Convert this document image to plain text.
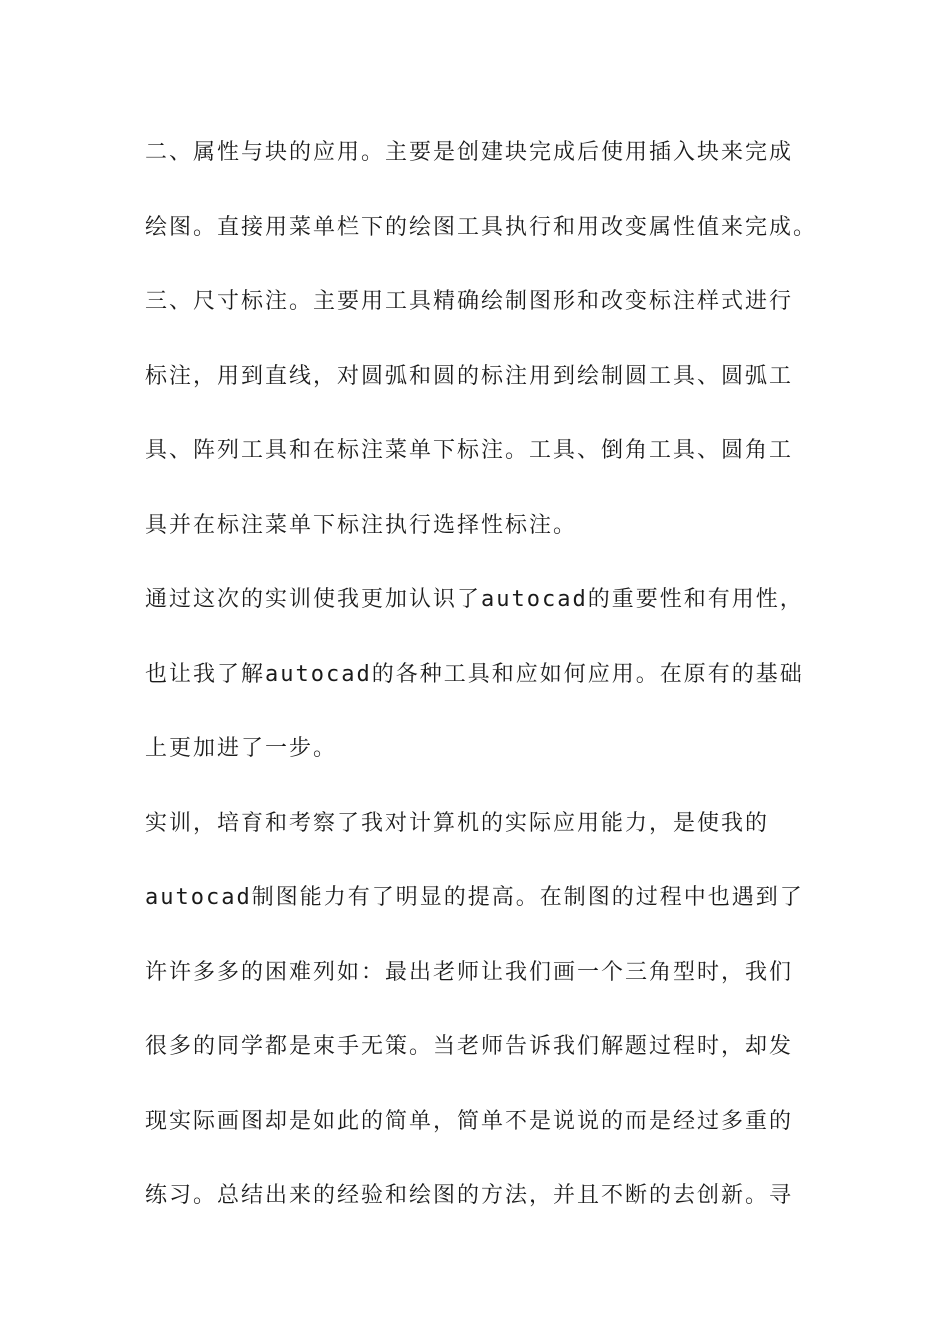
二、属性与块的应用。主要是创建块完成后使用插入块来完成
绘图。直接用菜单栏下的绘图工具执行和用改变属性值来完成。
三、尺寸标注。主要用工具精确绘制图形和改变标注样式进行
标注，用到直线，对圆弧和圆的标注用到绘制圆工具、圆弧工
具、阵列工具和在标注菜单下标注。工具、倒角工具、圆角工
具并在标注菜单下标注执行选择性标注。
通过这次的实训使我更加认识了autocad的重要性和有用性，
也让我了解autocad的各种工具和应如何应用。在原有的基础
上更加进了一步。
实训，培育和考察了我对计算机的实际应用能力，是使我的
autocad制图能力有了明显的提高。在制图的过程中也遇到了
许许多多的困难列如：最出老师让我们画一个三角型时，我们
很多的同学都是束手无策。当老师告诉我们解题过程时，却发
现实际画图却是如此的简单，简单不是说说的而是经过多重的
练习。总结出来的经验和绘图的方法，并且不断的去创新。寻
